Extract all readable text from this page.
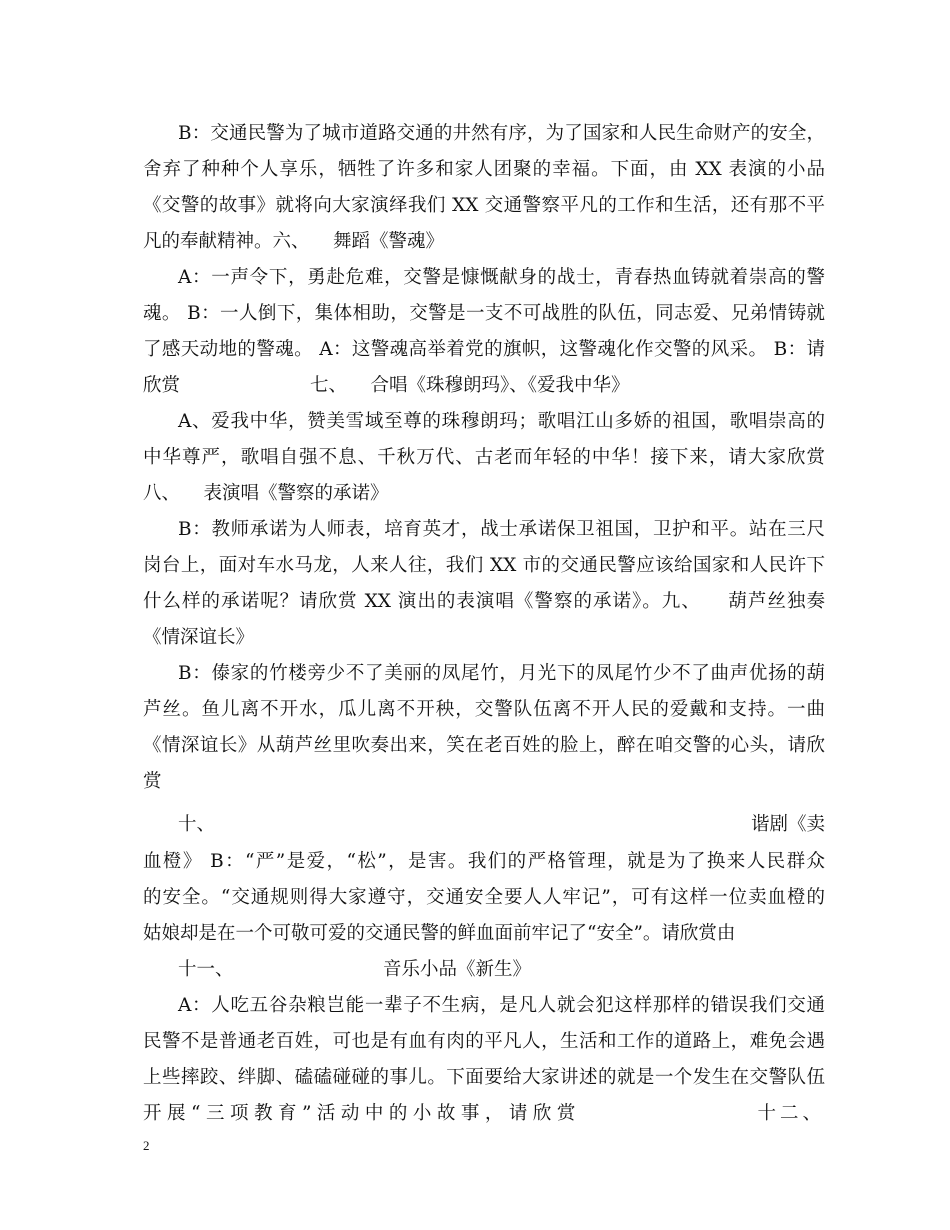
B：交通民警为了城市道路交通的井然有序，为了国家和人民生命财产的安全，
舍弃了种种个人享乐，牺牲了许多和家人团聚的幸福。下面，由 XX 表演的小品
《交警的故事》就将向大家演绎我们 XX 交通警察平凡的工作和生活，还有那不平
凡的奉献精神。六、    舞蹈《警魂》
A：一声令下，勇赴危难，交警是慷慨献身的战士，青春热血铸就着崇高的警
魂。 B：一人倒下，集体相助，交警是一支不可战胜的队伍，同志爱、兄弟情铸就
了感天动地的警魂。 A：这警魂高举着党的旗帜，这警魂化作交警的风采。 B：请
欣赏	七、    合唱《珠穆朗玛》、《爱我中华》
A、爱我中华，赞美雪域至尊的珠穆朗玛；歌唱江山多娇的祖国，歌唱崇高的
中华尊严，歌唱自强不息、千秋万代、古老而年轻的中华！接下来，请大家欣赏
八、    表演唱《警察的承诺》
B：教师承诺为人师表，培育英才，战士承诺保卫祖国，卫护和平。站在三尺
岗台上，面对车水马龙，人来人往，我们 XX 市的交通民警应该给国家和人民许下
什么样的承诺呢？请欣赏 XX 演出的表演唱《警察的承诺》。九、    葫芦丝独奏
《情深谊长》
B：傣家的竹楼旁少不了美丽的凤尾竹，月光下的凤尾竹少不了曲声优扬的葫
芦丝。鱼儿离不开水，瓜儿离不开秧，交警队伍离不开人民的爱戴和支持。一曲
《情深谊长》从葫芦丝里吹奏出来，笑在老百姓的脸上，醉在咱交警的心头，请欣
赏
十、	谐剧《卖
血橙》 B：“严”是爱，“松”，是害。我们的严格管理，就是为了换来人民群众
的安全。“交通规则得大家遵守，交通安全要人人牢记”，可有这样一位卖血橙的
姑娘却是在一个可敬可爱的交通民警的鲜血面前牢记了“安全”。请欣赏由
十一、	音乐小品《新生》
A：人吃五谷杂粮岂能一辈子不生病，是凡人就会犯这样那样的错误我们交通
民警不是普通老百姓，可也是有血有肉的平凡人，生活和工作的道路上，难免会遇
上些摔跤、绊脚、磕磕碰碰的事儿。下面要给大家讲述的就是一个发生在交警队伍
开展“三项教育”活动中的小故事，请欣赏	十二、
2
